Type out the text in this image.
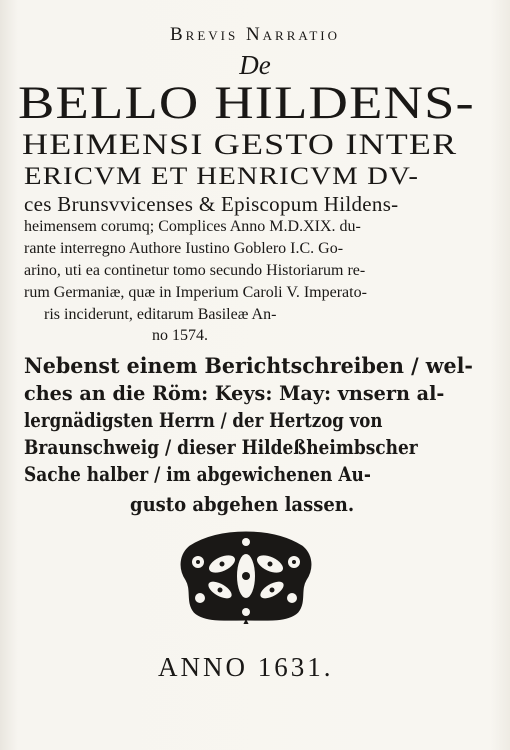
Brevis Narratio
De
BELLO HILDENS-
HEIMENSI GESTO INTER
ERICVM ET HENRICVM DV-
ces Brunsvvicenses & Episcopum Hildens-
heimensem corumq; Complices Anno M.D.XIX. du-
rante interregno Authore Iustino Goblero I.C. Go-
arino, uti ea continetur tomo secundo Historiarum re-
rum Germaniæ, quæ in Imperium Caroli V. Imperato-
ris inciderunt, editarum Basileæ An-
no 1574.
Nebenst einem Berichtschreiben / wel-
ches an die Röm: Keys: May: vnsern al-
lergnädigsten Herrn / der Hertzog von
Braunschweig / dieser Hildeßheimbscher
Sache halber / im abgewichenen Au-
gusto abgehen lassen.
ANNO 1631.
